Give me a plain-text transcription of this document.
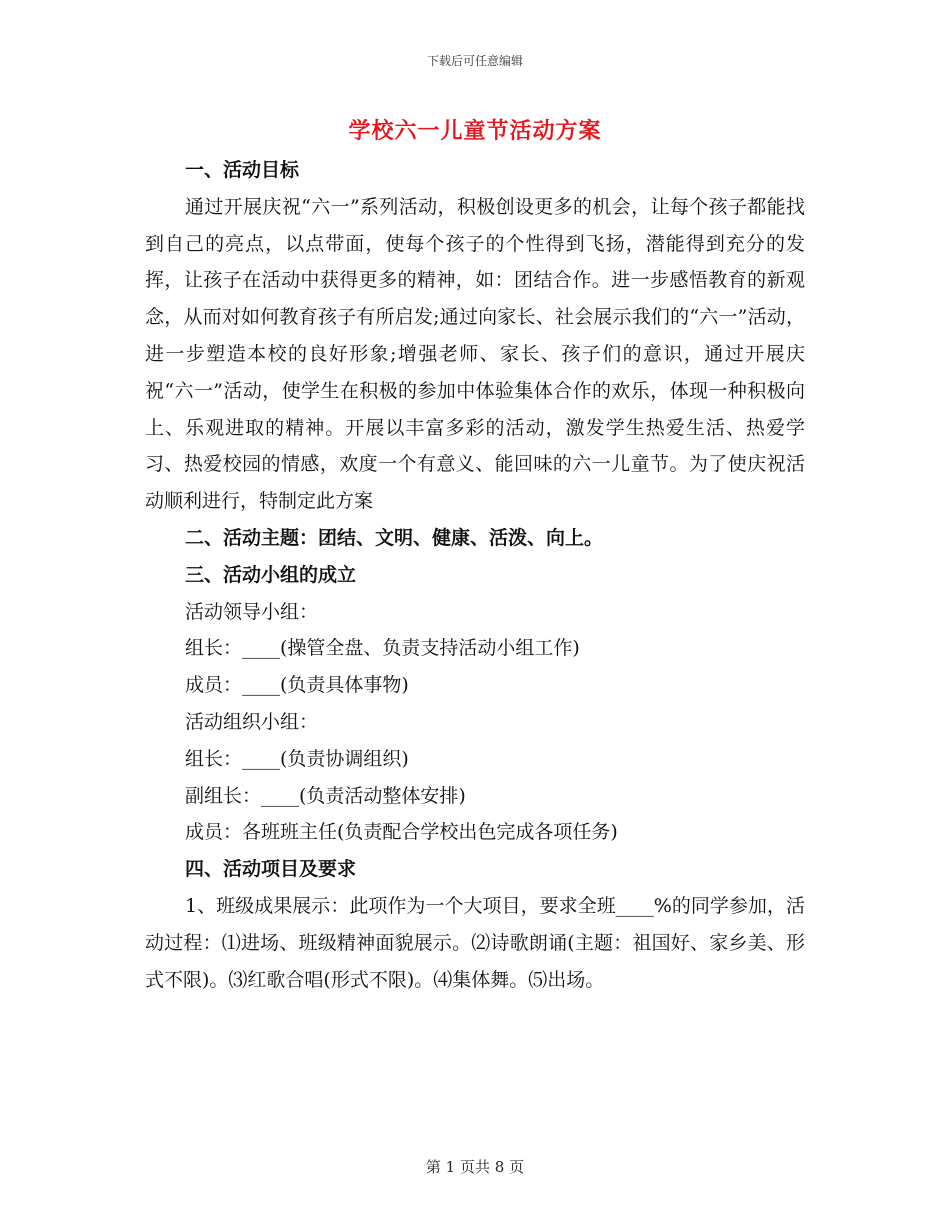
下载后可任意编辑
学校六一儿童节活动方案

一、活动目标

通过开展庆祝“六一”系列活动，积极创设更多的机会，让每个孩子都能找到自己的亮点，以点带面，使每个孩子的个性得到飞扬，潜能得到充分的发挥，让孩子在活动中获得更多的精神，如：团结合作。进一步感悟教育的新观念，从而对如何教育孩子有所启发;通过向家长、社会展示我们的“六一”活动，进一步塑造本校的良好形象;增强老师、家长、孩子们的意识，通过开展庆祝“六一”活动，使学生在积极的参加中体验集体合作的欢乐，体现一种积极向上、乐观进取的精神。开展以丰富多彩的活动，激发学生热爱生活、热爱学习、热爱校园的情感，欢度一个有意义、能回味的六一儿童节。为了使庆祝活动顺利进行，特制定此方案

二、活动主题：团结、文明、健康、活泼、向上。

三、活动小组的成立

活动领导小组：

组长：____(操管全盘、负责支持活动小组工作)

成员：____(负责具体事物)

活动组织小组：

组长：____(负责协调组织)

副组长：____(负责活动整体安排)

成员：各班班主任(负责配合学校出色完成各项任务)

四、活动项目及要求

1、班级成果展示：此项作为一个大项目，要求全班____%的同学参加，活动过程：⑴进场、班级精神面貌展示。⑵诗歌朗诵(主题：祖国好、家乡美、形式不限)。⑶红歌合唱(形式不限)。⑷集体舞。⑸出场。

第 1 页共 8 页
